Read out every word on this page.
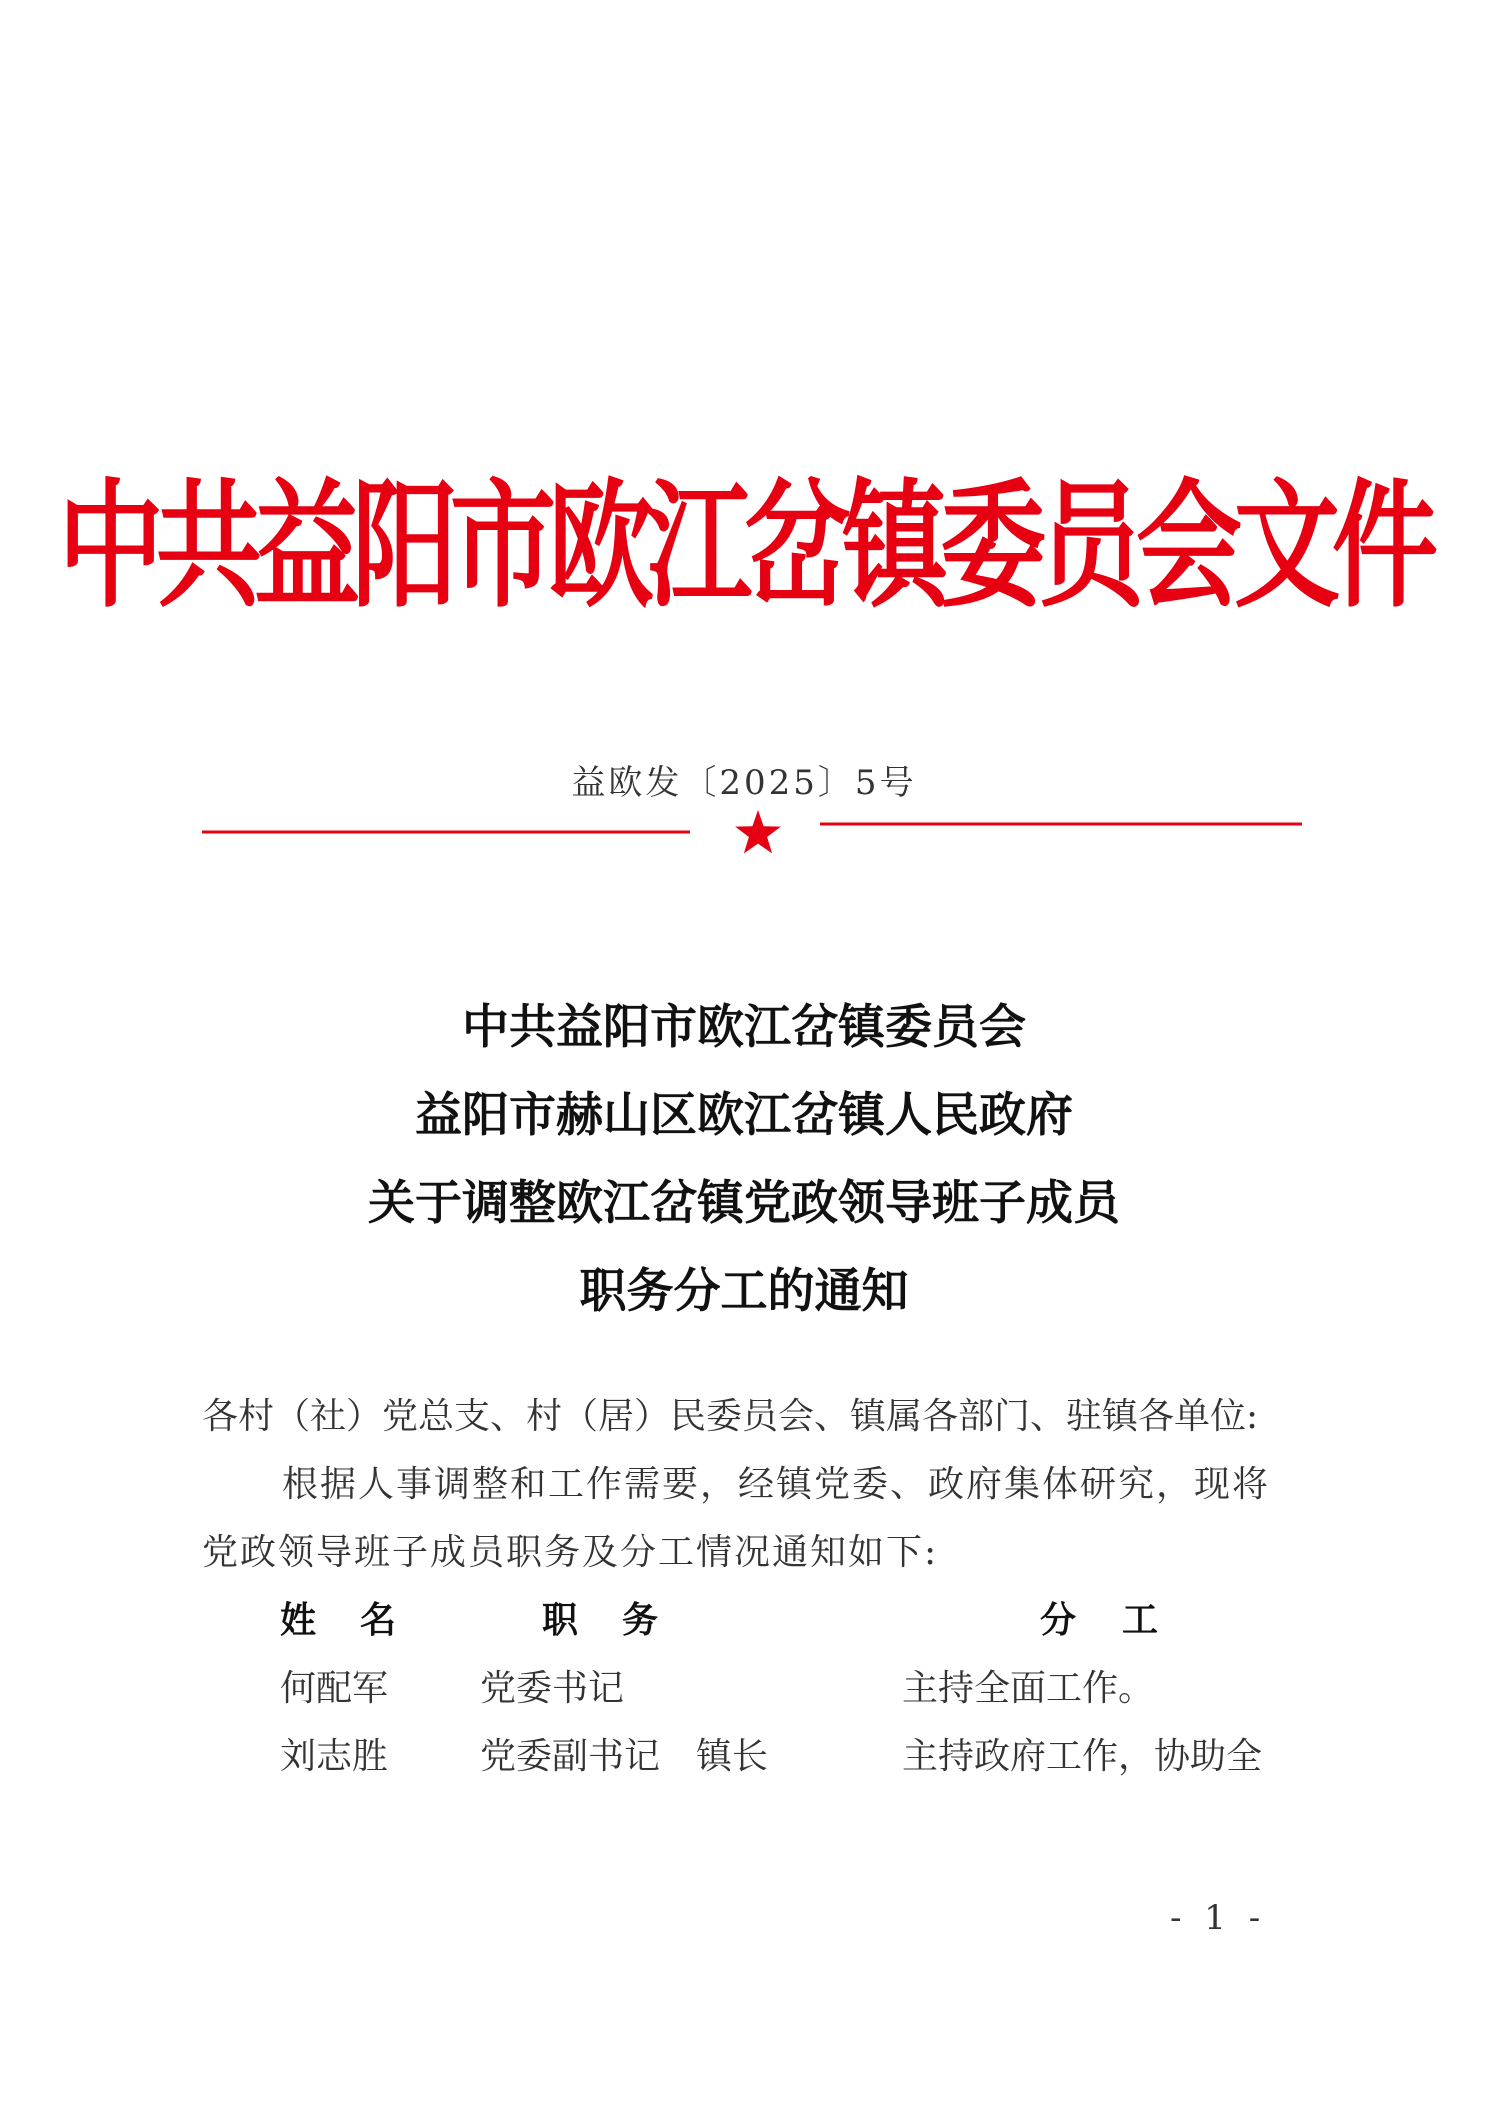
中共益阳市欧江岔镇委员会文件
益欧发〔2025〕5号
中共益阳市欧江岔镇委员会
益阳市赫山区欧江岔镇人民政府
关于调整欧江岔镇党政领导班子成员
职务分工的通知
各村（社）党总支、村（居）民委员会、镇属各部门、驻镇各单位:
根据人事调整和工作需要，经镇党委、政府集体研究，现将
党政领导班子成员职务及分工情况通知如下:
姓名	职务	分工
何配军	党委书记	主持全面工作。
刘志胜	党委副书记　镇长	主持政府工作，协助全
- 1 -
